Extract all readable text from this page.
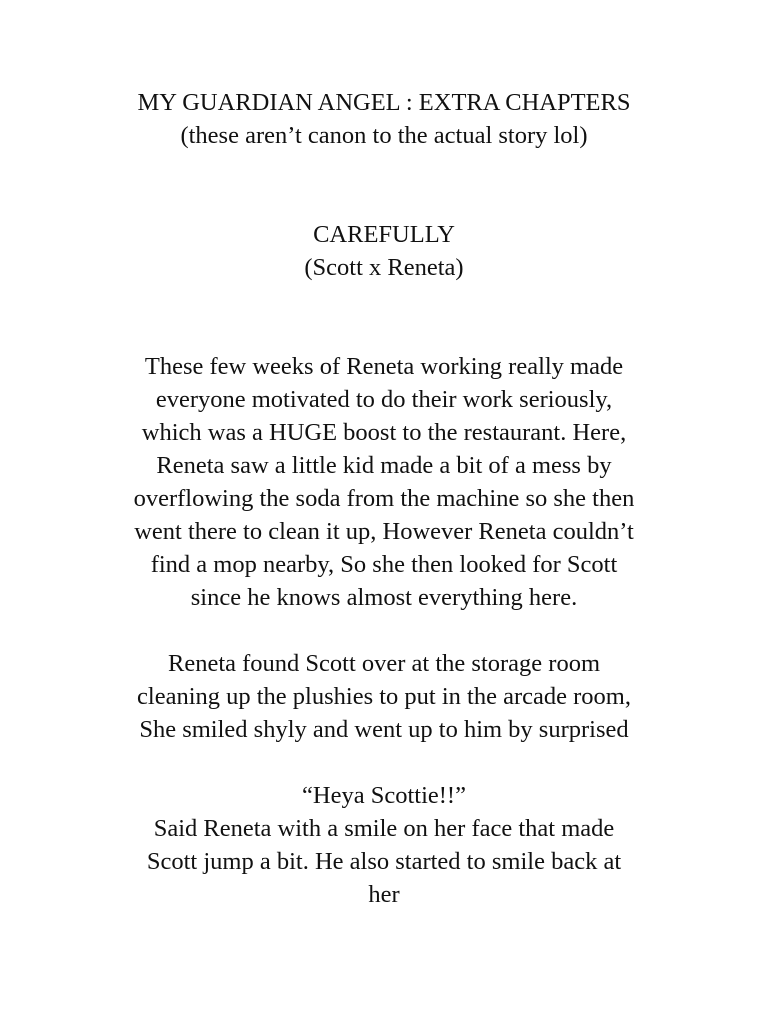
MY GUARDIAN ANGEL : EXTRA CHAPTERS

(these aren’t canon to the actual story lol)

CAREFULLY

(Scott x Reneta)

These few weeks of Reneta working really made

everyone motivated to do their work seriously,

which was a HUGE boost to the restaurant. Here,

Reneta saw a little kid made a bit of a mess by

overflowing the soda from the machine so she then

went there to clean it up, However Reneta couldn’t

find a mop nearby, So she then looked for Scott

since he knows almost everything here.

Reneta found Scott over at the storage room

cleaning up the plushies to put in the arcade room,

She smiled shyly and went up to him by surprised

“Heya Scottie!!”

Said Reneta with a smile on her face that made

Scott jump a bit. He also started to smile back at

her
